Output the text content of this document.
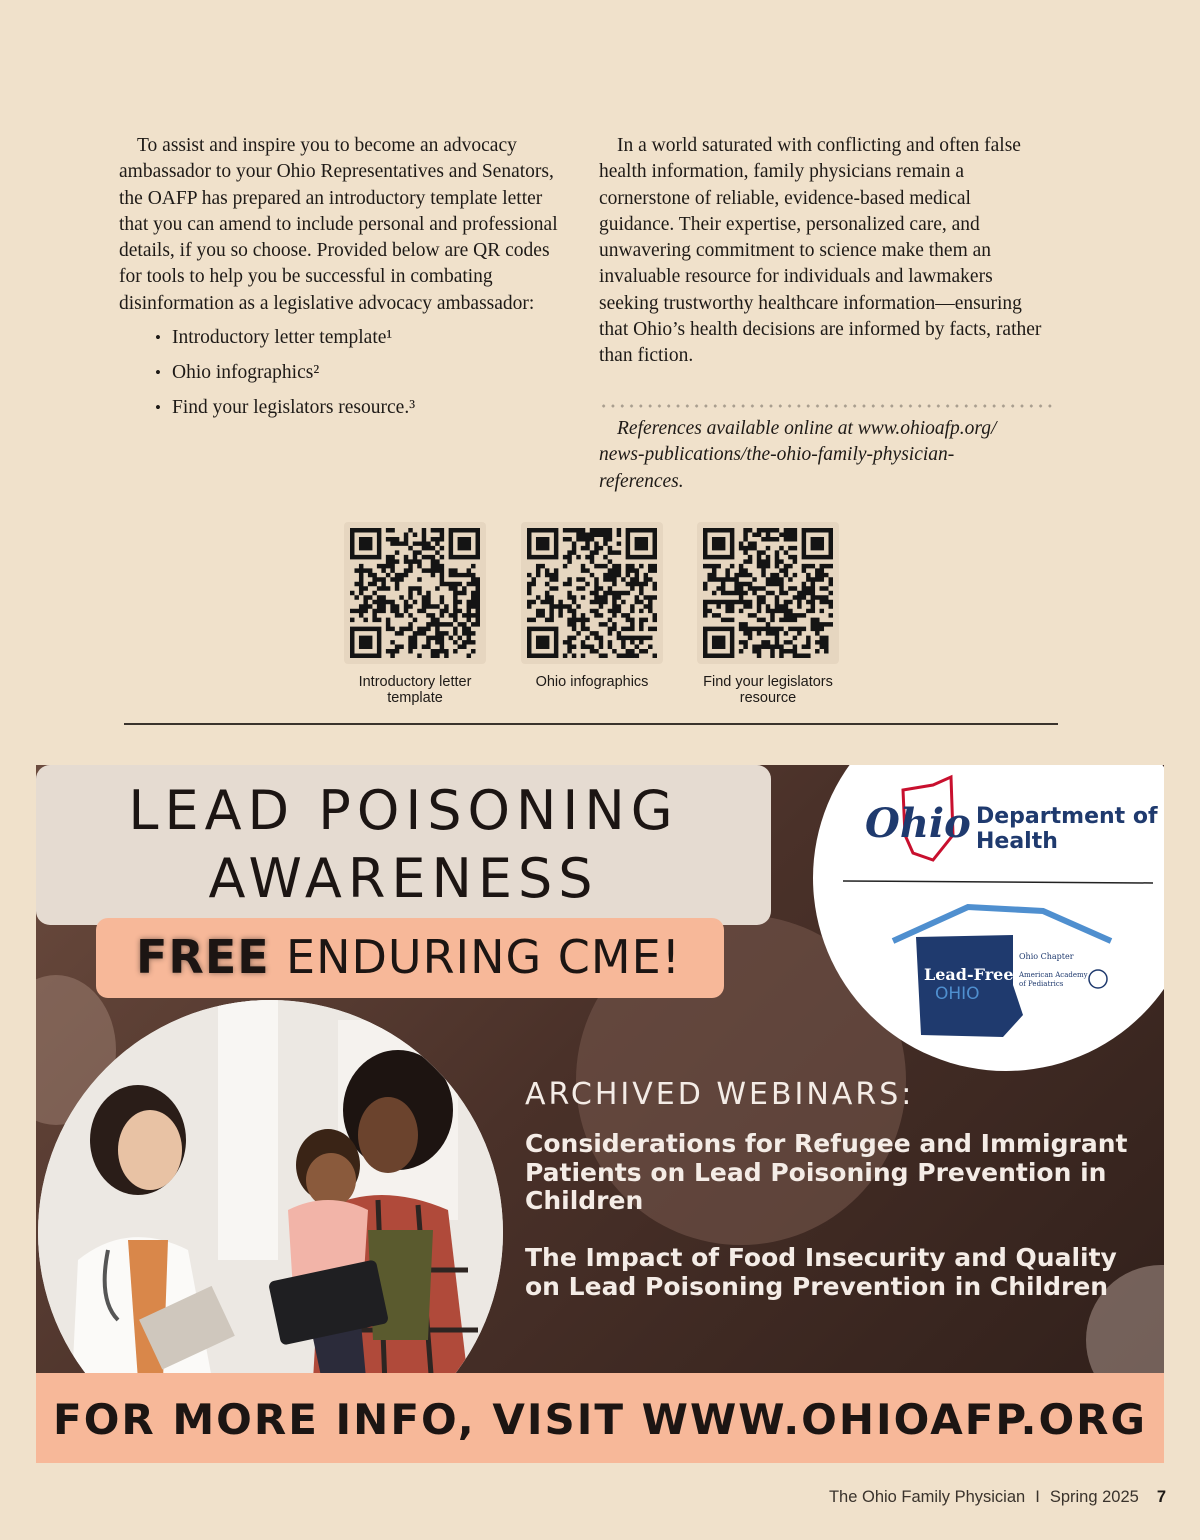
To assist and inspire you to become an advocacy ambassador to your Ohio Representatives and Senators, the OAFP has prepared an introductory template letter that you can amend to include personal and professional details, if you so choose. Provided below are QR codes for tools to help you be successful in combating disinformation as a legislative advocacy ambassador:

• Introductory letter template¹
• Ohio infographics²
• Find your legislators resource.³

In a world saturated with conflicting and often false health information, family physicians remain a cornerstone of reliable, evidence-based medical guidance. Their expertise, personalized care, and unwavering commitment to science make them an invaluable resource for individuals and lawmakers seeking trustworthy healthcare information—ensuring that Ohio’s health decisions are informed by facts, rather than fiction.

References available online at www.ohioafp.org/
news-publications/the-ohio-family-physician-
references.
Introductory letter
template
Ohio infographics	Find your legislators
resource
LEAD POISONING
AWARENESS
FREE ENDURING CME!
Ohio Department of
Health
Lead-Free
OHIO
Ohio Chapter
American Academy
of Pediatrics
ARCHIVED WEBINARS:
Considerations for Refugee and Immigrant Patients on Lead Poisoning Prevention in Children
The Impact of Food Insecurity and Quality on Lead Poisoning Prevention in Children
FOR MORE INFO, VISIT WWW.OHIOAFP.ORG
The Ohio Family Physician I Spring 2025 7
